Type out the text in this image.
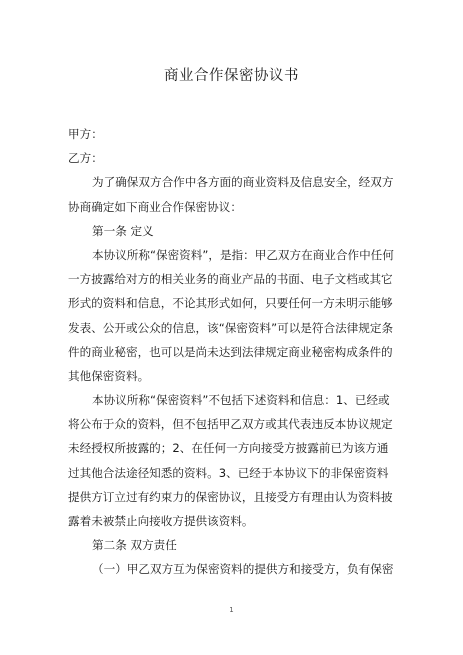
商业合作保密协议书
甲方：
乙方：
为了确保双方合作中各方面的商业资料及信息安全，经双方
协商确定如下商业合作保密协议：
第一条 定义
本协议所称“保密资料”，是指：甲乙双方在商业合作中任何
一方披露给对方的相关业务的商业产品的书面、电子文档或其它
形式的资料和信息，不论其形式如何，只要任何一方未明示能够
发表、公开或公众的信息，该“保密资料”可以是符合法律规定条
件的商业秘密，也可以是尚未达到法律规定商业秘密构成条件的
其他保密资料。
本协议所称“保密资料”不包括下述资料和信息：1、已经或
将公布于众的资料，但不包括甲乙双方或其代表违反本协议规定
未经授权所披露的；2、在任何一方向接受方披露前已为该方通
过其他合法途径知悉的资料。3、已经于本协议下的非保密资料
提供方订立过有约束力的保密协议，且接受方有理由认为资料披
露着未被禁止向接收方提供该资料。
第二条 双方责任
（一）甲乙双方互为保密资料的提供方和接受方，负有保密
1
